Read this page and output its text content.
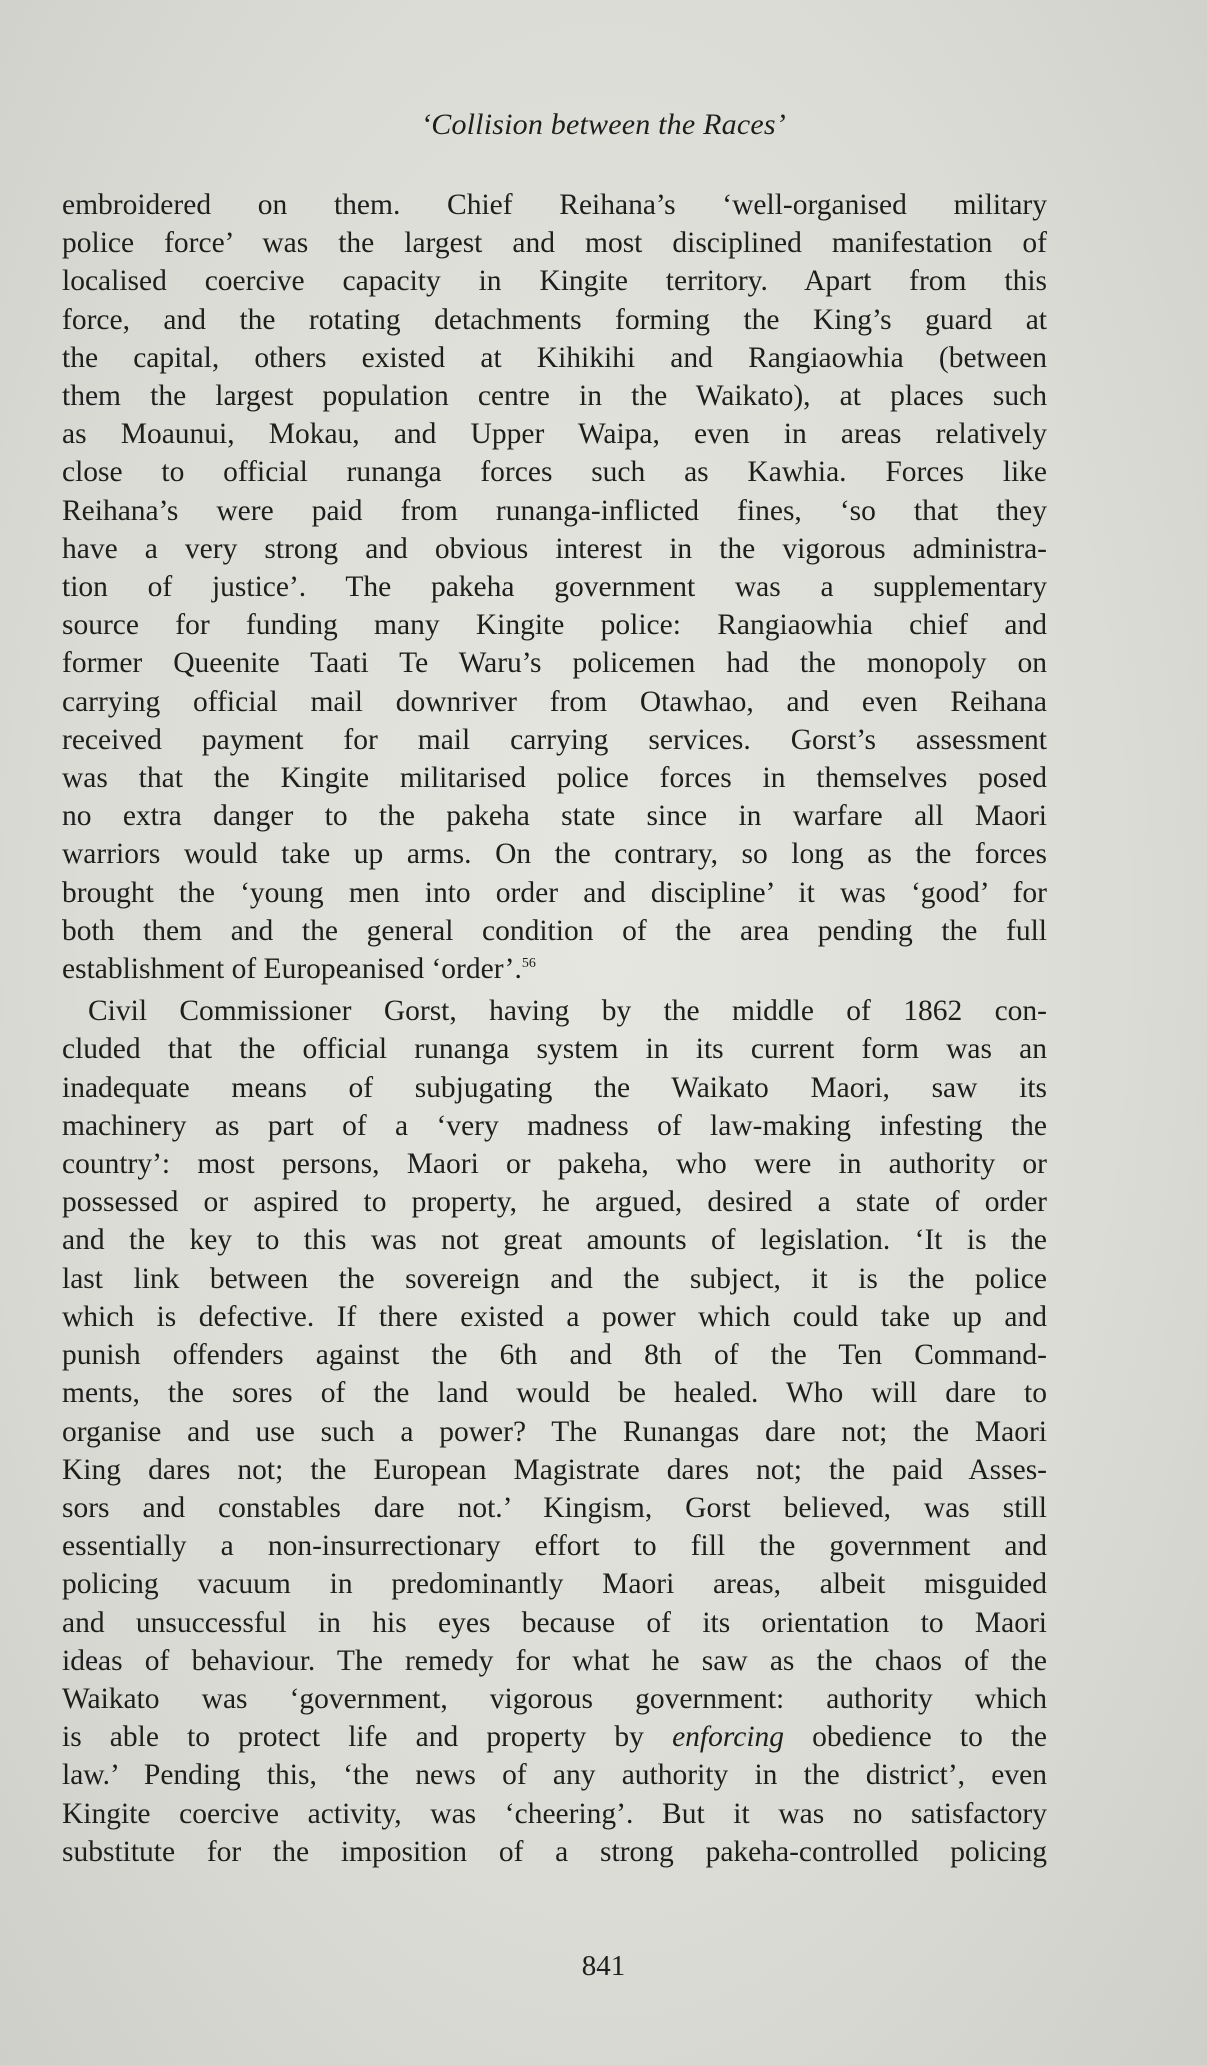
‘Collision between the Races’
embroidered on them. Chief Reihana’s ‘well-organised military
police force’ was the largest and most disciplined manifestation of
localised coercive capacity in Kingite territory. Apart from this
force, and the rotating detachments forming the King’s guard at
the capital, others existed at Kihikihi and Rangiaowhia (between
them the largest population centre in the Waikato), at places such
as Moaunui, Mokau, and Upper Waipa, even in areas relatively
close to official runanga forces such as Kawhia. Forces like
Reihana’s were paid from runanga-inflicted fines, ‘so that they
have a very strong and obvious interest in the vigorous administra-
tion of justice’. The pakeha government was a supplementary
source for funding many Kingite police: Rangiaowhia chief and
former Queenite Taati Te Waru’s policemen had the monopoly on
carrying official mail downriver from Otawhao, and even Reihana
received payment for mail carrying services. Gorst’s assessment
was that the Kingite militarised police forces in themselves posed
no extra danger to the pakeha state since in warfare all Maori
warriors would take up arms. On the contrary, so long as the forces
brought the ‘young men into order and discipline’ it was ‘good’ for
both them and the general condition of the area pending the full
establishment of Europeanised ‘order’.$^{56}$
Civil Commissioner Gorst, having by the middle of 1862 con-
cluded that the official runanga system in its current form was an
inadequate means of subjugating the Waikato Maori, saw its
machinery as part of a ‘very madness of law-making infesting the
country’: most persons, Maori or pakeha, who were in authority or
possessed or aspired to property, he argued, desired a state of order
and the key to this was not great amounts of legislation. ‘It is the
last link between the sovereign and the subject, it is the police
which is defective. If there existed a power which could take up and
punish offenders against the 6th and 8th of the Ten Command-
ments, the sores of the land would be healed. Who will dare to
organise and use such a power? The Runangas dare not; the Maori
King dares not; the European Magistrate dares not; the paid Asses-
sors and constables dare not.’ Kingism, Gorst believed, was still
essentially a non-insurrectionary effort to fill the government and
policing vacuum in predominantly Maori areas, albeit misguided
and unsuccessful in his eyes because of its orientation to Maori
ideas of behaviour. The remedy for what he saw as the chaos of the
Waikato was ‘government, vigorous government: authority which
is able to protect life and property by enforcing obedience to the
law.’ Pending this, ‘the news of any authority in the district’, even
Kingite coercive activity, was ‘cheering’. But it was no satisfactory
substitute for the imposition of a strong pakeha-controlled policing
841
